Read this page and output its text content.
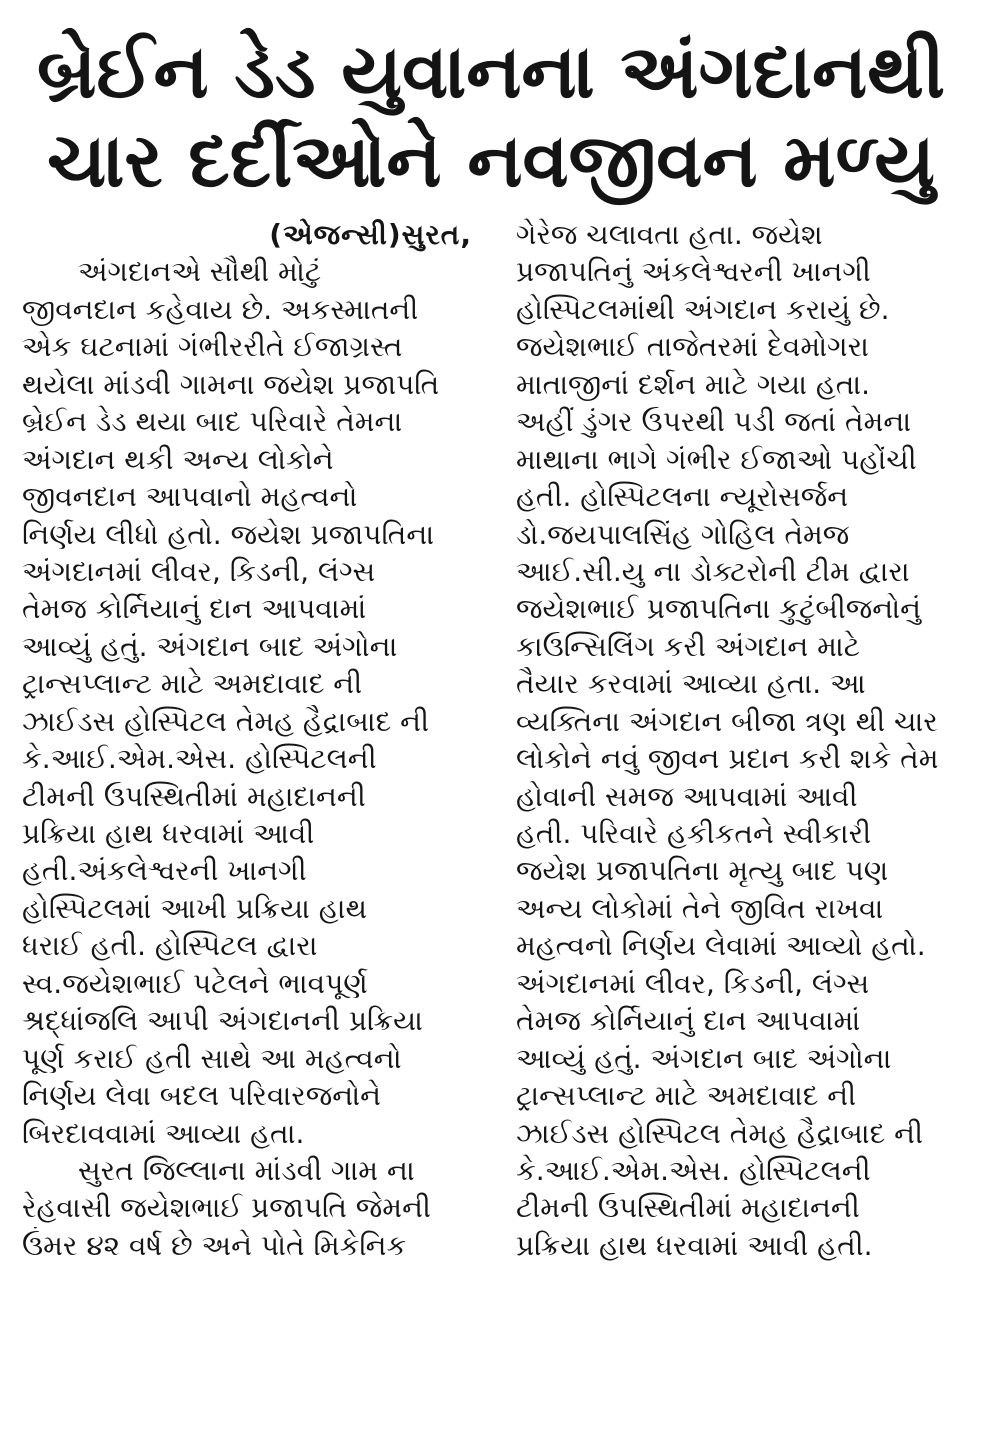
બ્રેઈન ડેડ યુવાનના અંગદાનથી
ચાર દર્દીઓને નવજીવન મળ્યુ
(એજન્સી)સુરત,
અંગદાનએ સૌથી મોટું
જીવનદાન કહેવાય છે. અકસ્માતની
એક ઘટનામાં ગંભીરરીતે ઈજાગ્રસ્ત
થયેલા માંડવી ગામના જયેશ પ્રજાપતિ
બ્રેઈન ડેડ થયા બાદ પરિવારે તેમના
અંગદાન થકી અન્ય લોકોને
જીવનદાન આપવાનો મહત્વનો
નિર્ણય લીધો હતો. જયેશ પ્રજાપતિના
અંગદાનમાં લીવર, કિડની, લંગ્સ
તેમજ કોર્નિયાનું દાન આપવામાં
આવ્યું હતું. અંગદાન બાદ અંગોના
ટ્રાન્સપ્લાન્ટ માટે અમદાવાદ ની
ઝાઈડસ હોસ્પિટલ તેમહ હૈદ્રાબાદ ની
કે.આઈ.એમ.એસ. હોસ્પિટલની
ટીમની ઉપસ્થિતીમાં મહાદાનની
પ્રક્રિયા હાથ ધરવામાં આવી
હતી.અંકલેશ્વરની ખાનગી
હોસ્પિટલમાં આખી પ્રક્રિયા હાથ
ધરાઈ હતી. હોસ્પિટલ દ્વારા
સ્વ.જયેશભાઈ પટેલને ભાવપૂર્ણ
શ્રદ્ધાંજલિ આપી અંગદાનની પ્રક્રિયા
પૂર્ણ કરાઈ હતી સાથે આ મહત્વનો
નિર્ણય લેવા બદલ પરિવારજનોને
બિરદાવવામાં આવ્યા હતા.
સુરત જિલ્લાના માંડવી ગામ ના
રેહવાસી જયેશભાઈ પ્રજાપતિ જેમની
ઉંમર ૪૨ વર્ષ છે અને પોતે મિકેનિક
ગેરેજ ચલાવતા હતા. જયેશ
પ્રજાપતિનું અંકલેશ્વરની ખાનગી
હોસ્પિટલમાંથી અંગદાન કરાયું છે.
જયેશભાઈ તાજેતરમાં દેવમોગરા
માતાજીનાં દર્શન માટે ગયા હતા.
અહીં ડુંગર ઉપરથી પડી જતાં તેમના
માથાના ભાગે ગંભીર ઈજાઓ પહોંચી
હતી. હોસ્પિટલના ન્યૂરોસર્જન
ડો.જયપાલસિંહ ગોહિલ તેમજ
આઈ.સી.યુ ના ડોક્ટરોની ટીમ દ્વારા
જયેશભાઈ પ્રજાપતિના કુટુંબીજનોનું
કાઉન્સિલિંગ કરી અંગદાન માટે
તૈયાર કરવામાં આવ્યા હતા. આ
વ્યક્તિના અંગદાન બીજા ત્રણ થી ચાર
લોકોને નવું જીવન પ્રદાન કરી શકે તેમ
હોવાની સમજ આપવામાં આવી
હતી. પરિવારે હકીકતને સ્વીકારી
જયેશ પ્રજાપતિના મૃત્યુ બાદ પણ
અન્ય લોકોમાં તેને જીવિત રાખવા
મહત્વનો નિર્ણય લેવામાં આવ્યો હતો.
અંગદાનમાં લીવર, કિડની, લંગ્સ
તેમજ કોર્નિયાનું દાન આપવામાં
આવ્યું હતું. અંગદાન બાદ અંગોના
ટ્રાન્સપ્લાન્ટ માટે અમદાવાદ ની
ઝાઈડસ હોસ્પિટલ તેમહ હૈદ્રાબાદ ની
કે.આઈ.એમ.એસ. હોસ્પિટલની
ટીમની ઉપસ્થિતીમાં મહાદાનની
પ્રક્રિયા હાથ ધરવામાં આવી હતી.
